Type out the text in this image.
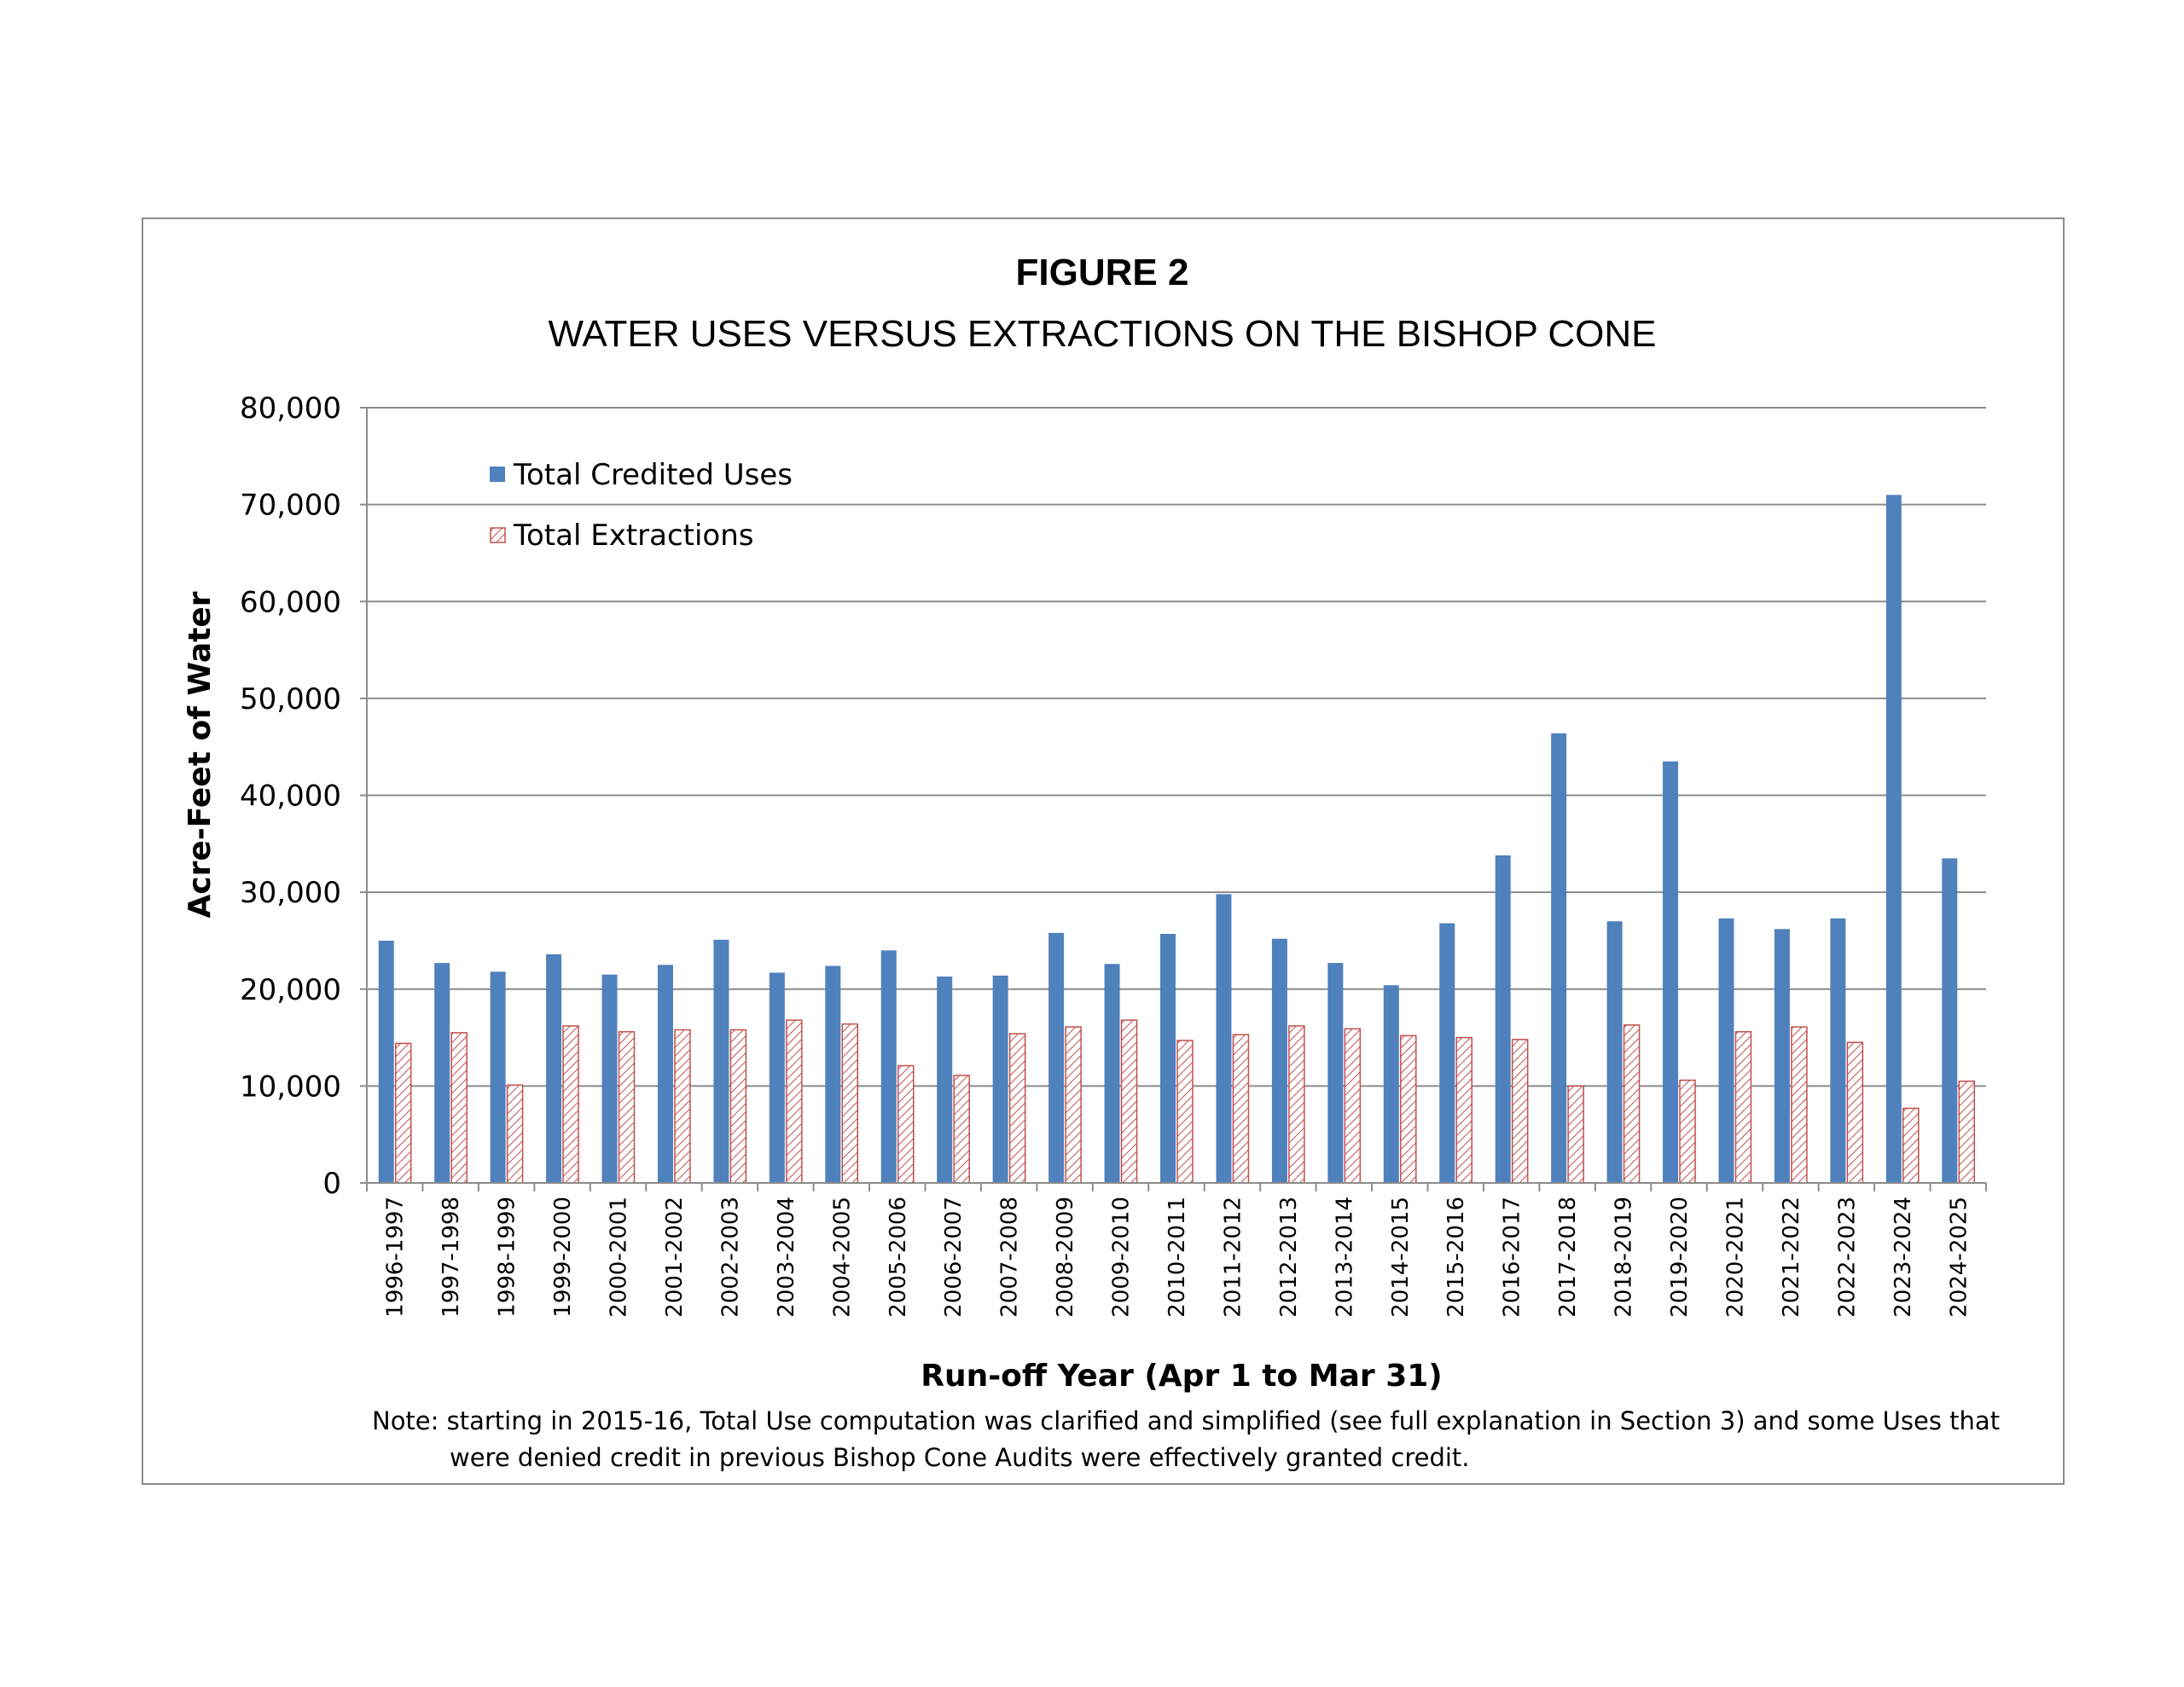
FIGURE 2
WATER USES VERSUS EXTRACTIONS ON THE BISHOP CONE
0
10,000
20,000
30,000
40,000
50,000
60,000
70,000
80,000
1996-1997 1997-1998 1998-1999 1999-2000 2000-2001 2001-2002 2002-2003 2003-2004 2004-2005 2005-2006 2006-2007 2007-2008 2008-2009 2009-2010 2010-2011 2011-2012 2012-2013 2013-2014 2014-2015 2015-2016 2016-2017 2017-2018 2018-2019 2019-2020 2020-2021 2021-2022 2022-2023 2023-2024 2024-2025
Acre-Feet of Water
Run-off Year (Apr 1 to Mar 31)
Total Credited Uses
Total Extractions
Note: starting in 2015-16, Total Use computation was clarified and simplified (see full explanation in Section 3) and some Uses that
were denied credit in previous Bishop Cone Audits were effectively granted credit.
